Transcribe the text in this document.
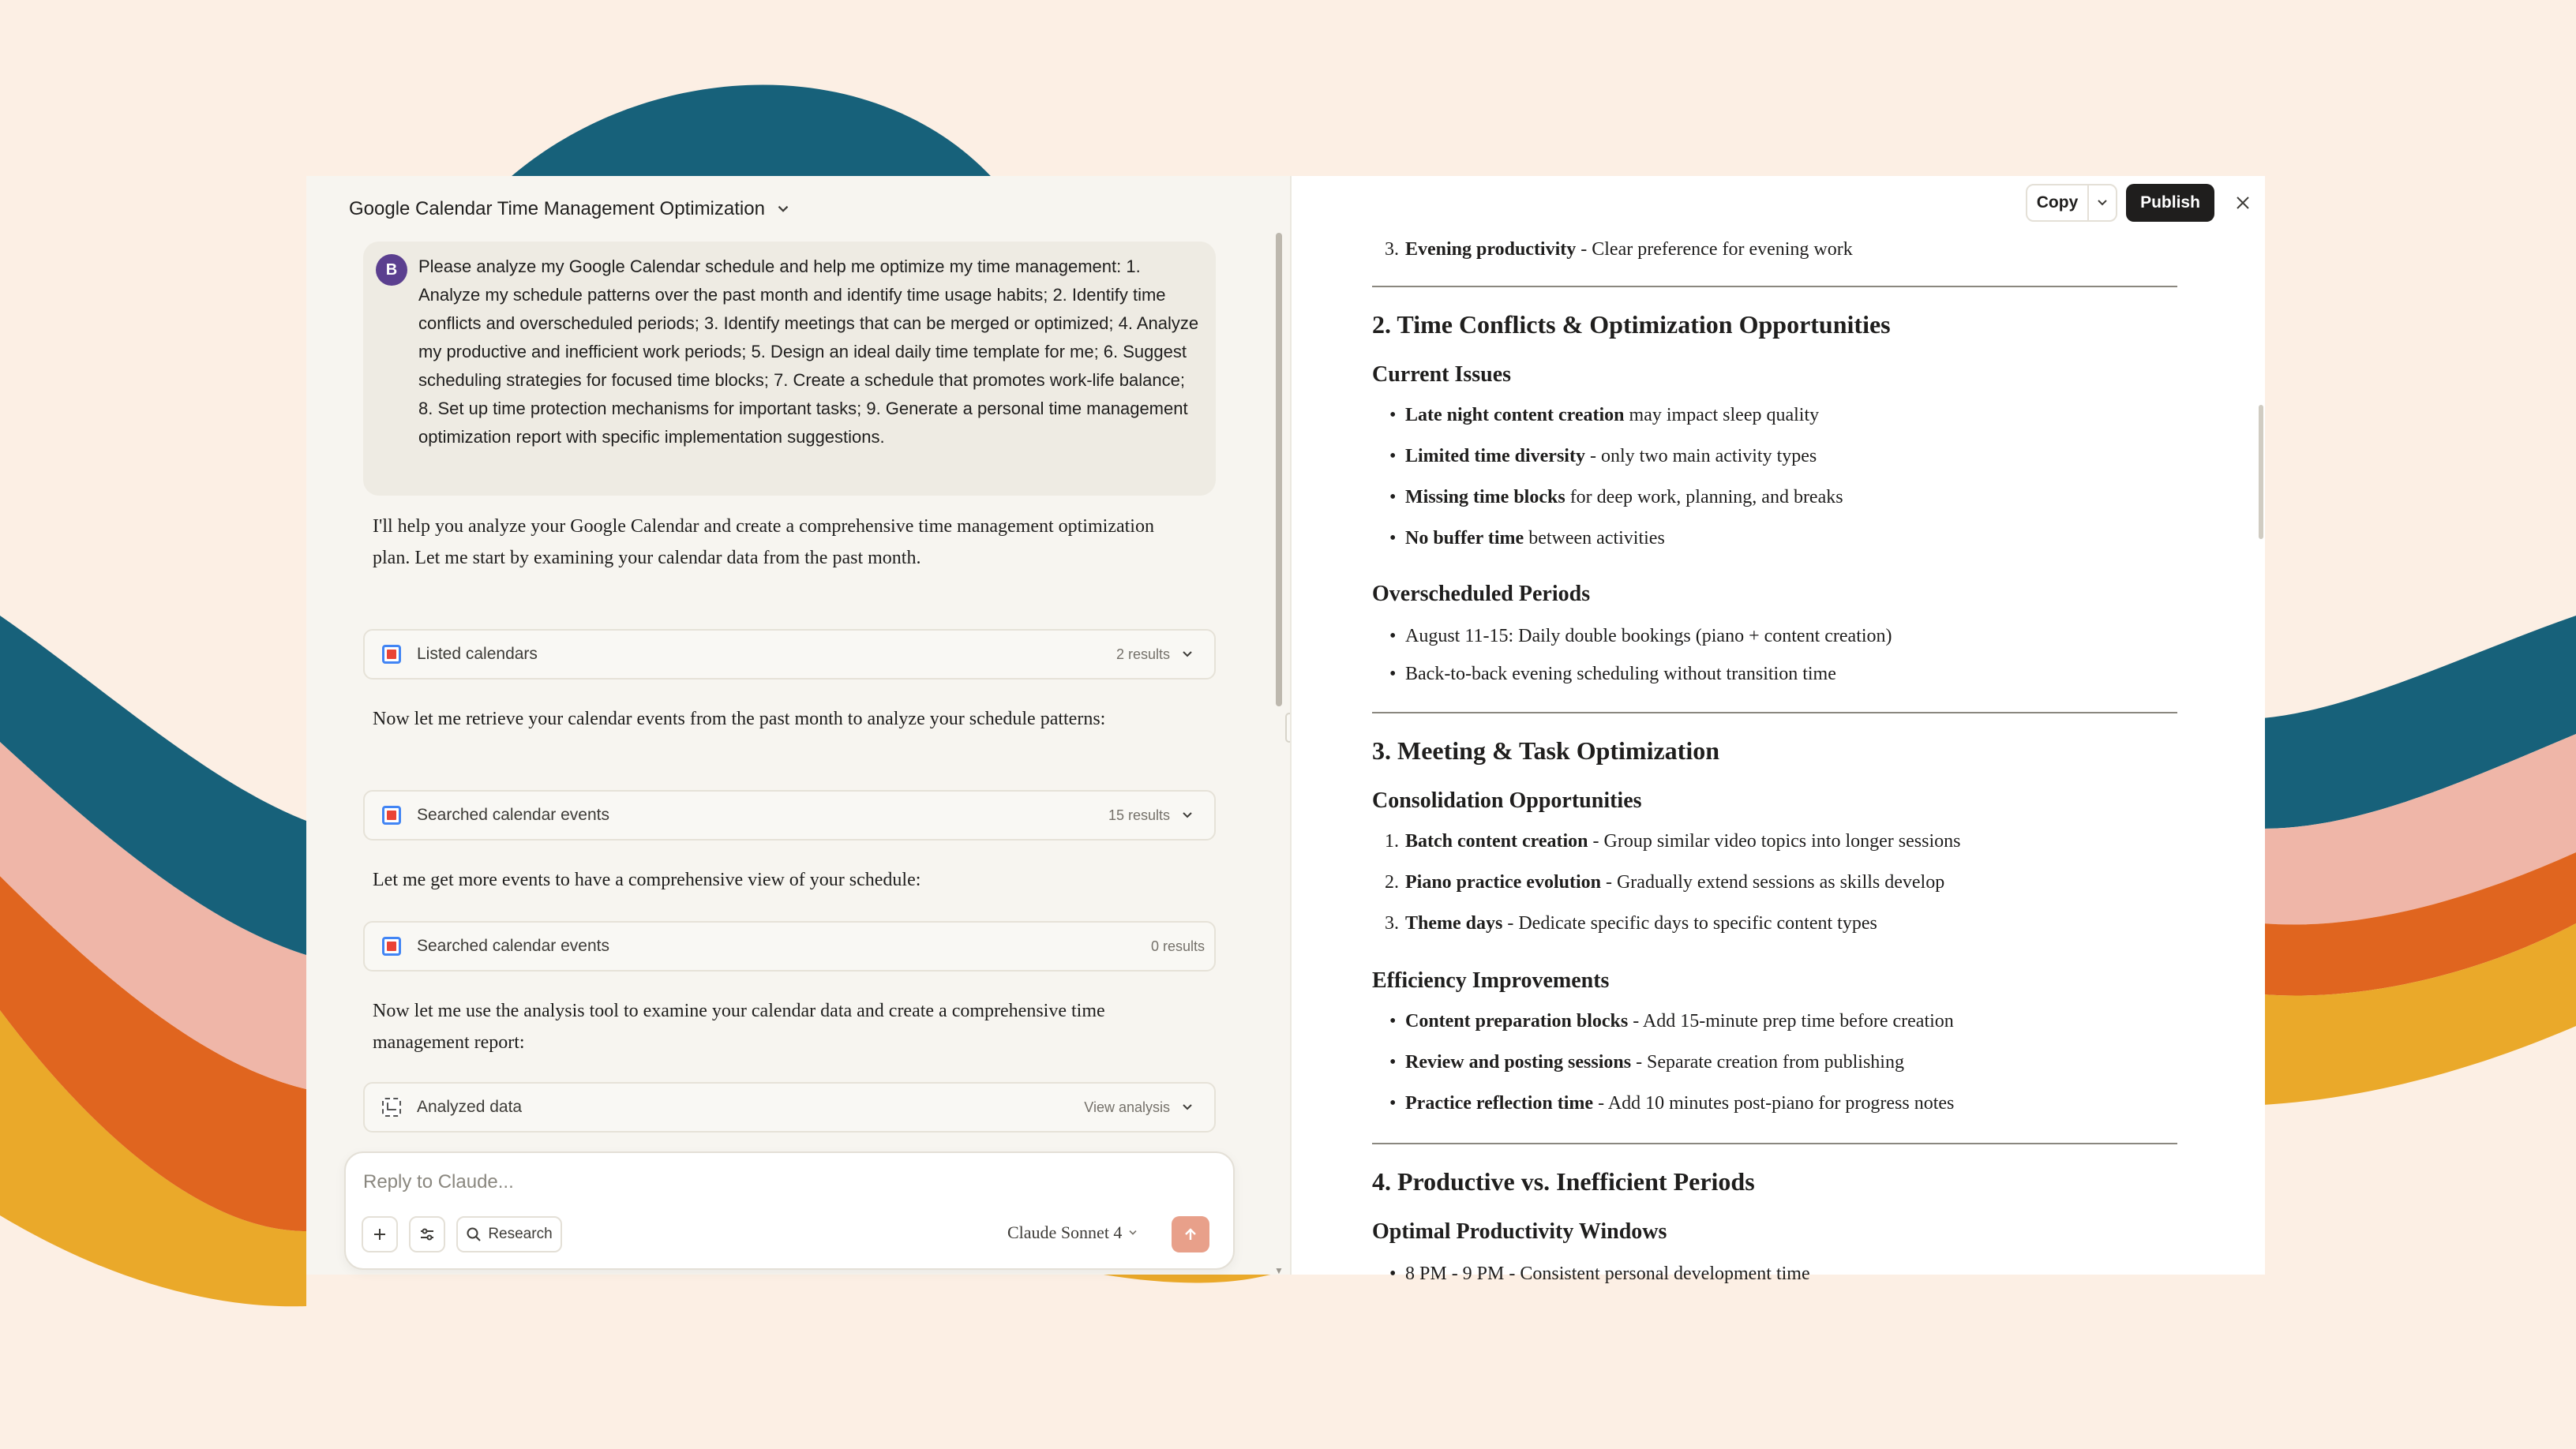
Google Calendar Time Management Optimization
B	Please analyze my Google Calendar schedule and help me optimize my time management: 1. Analyze my schedule patterns over the past month and identify time usage habits; 2. Identify time conflicts and overscheduled periods; 3. Identify meetings that can be merged or optimized; 4. Analyze my productive and inefficient work periods; 5. Design an ideal daily time template for me; 6. Suggest scheduling strategies for focused time blocks; 7. Create a schedule that promotes work-life balance; 8. Set up time protection mechanisms for important tasks; 9. Generate a personal time management optimization report with specific implementation suggestions.
I'll help you analyze your Google Calendar and create a comprehensive time management optimization plan. Let me start by examining your calendar data from the past month.
Listed calendars	2 results
Now let me retrieve your calendar events from the past month to analyze your schedule patterns:
Searched calendar events	15 results
Let me get more events to have a comprehensive view of your schedule:
Searched calendar events	0 results
Now let me use the analysis tool to examine your calendar data and create a comprehensive time management report:
Analyzed data	View analysis
▼
Reply to Claude...
Research	Claude Sonnet 4
Copy	Publish
3. Evening productivity - Clear preference for evening work
2. Time Conflicts & Optimization Opportunities
Current Issues
• Late night content creation may impact sleep quality
• Limited time diversity - only two main activity types
• Missing time blocks for deep work, planning, and breaks
• No buffer time between activities
Overscheduled Periods
• August 11-15: Daily double bookings (piano + content creation)
• Back-to-back evening scheduling without transition time
3. Meeting & Task Optimization
Consolidation Opportunities
1. Batch content creation - Group similar video topics into longer sessions
2. Piano practice evolution - Gradually extend sessions as skills develop
3. Theme days - Dedicate specific days to specific content types
Efficiency Improvements
• Content preparation blocks - Add 15-minute prep time before creation
• Review and posting sessions - Separate creation from publishing
• Practice reflection time - Add 10 minutes post-piano for progress notes
4. Productive vs. Inefficient Periods
Optimal Productivity Windows
• 8 PM - 9 PM - Consistent personal development time
